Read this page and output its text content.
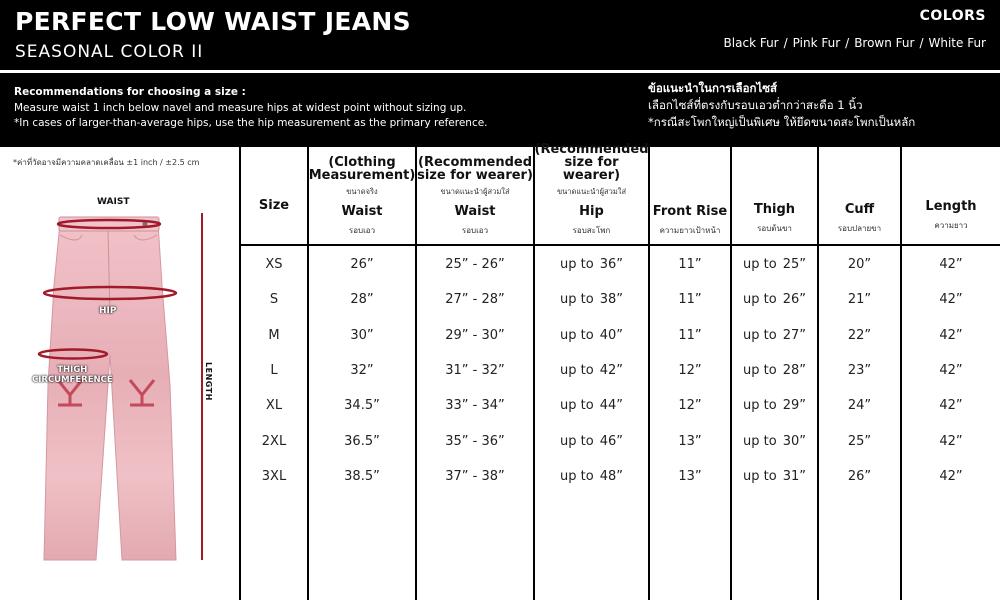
PERFECT LOW WAIST JEANS
SEASONAL COLOR II
COLORS
Black Fur / Pink Fur / Brown Fur / White Fur
Recommendations for choosing a size :
Measure waist 1 inch below navel and measure hips at widest point without sizing up.
*In cases of larger-than-average hips, use the hip measurement as the primary reference.
ข้อแนะนำในการเลือกไซส์
เลือกไซส์ที่ตรงกับรอบเอวต่ำกว่าสะดือ 1 นิ้ว
*กรณีสะโพกใหญ่เป็นพิเศษ ให้ยึดขนาดสะโพกเป็นหลัก
*ค่าที่วัดอาจมีความคลาดเคลื่อน ±1 inch / ±2.5 cm
WAIST
HIP
THIGH
CIRCUMFERENCE	LENGTH
Size
(Clothing Measurement)
ขนาดจริง
Waist
รอบเอว
(Recommended size for wearer)
ขนาดแนะนำผู้สวมใส่
Waist
รอบเอว
(Recommended size for wearer)
ขนาดแนะนำผู้สวมใส่
Hip
รอบสะโพก
Front Rise
ความยาวเป้าหน้า
Thigh
รอบต้นขา
Cuff
รอบปลายขา
Length
ความยาว
XS	26”	25” - 26”	up to 36”	11”	up to 25”	20”	42”
S	28”	27” - 28”	up to 38”	11”	up to 26”	21”	42”
M	30”	29” - 30”	up to 40”	11”	up to 27”	22”	42”
L	32”	31” - 32”	up to 42”	12”	up to 28”	23”	42”
XL	34.5”	33” - 34”	up to 44”	12”	up to 29”	24”	42”
2XL	36.5”	35” - 36”	up to 46”	13”	up to 30”	25”	42”
3XL	38.5”	37” - 38”	up to 48”	13”	up to 31”	26”	42”
